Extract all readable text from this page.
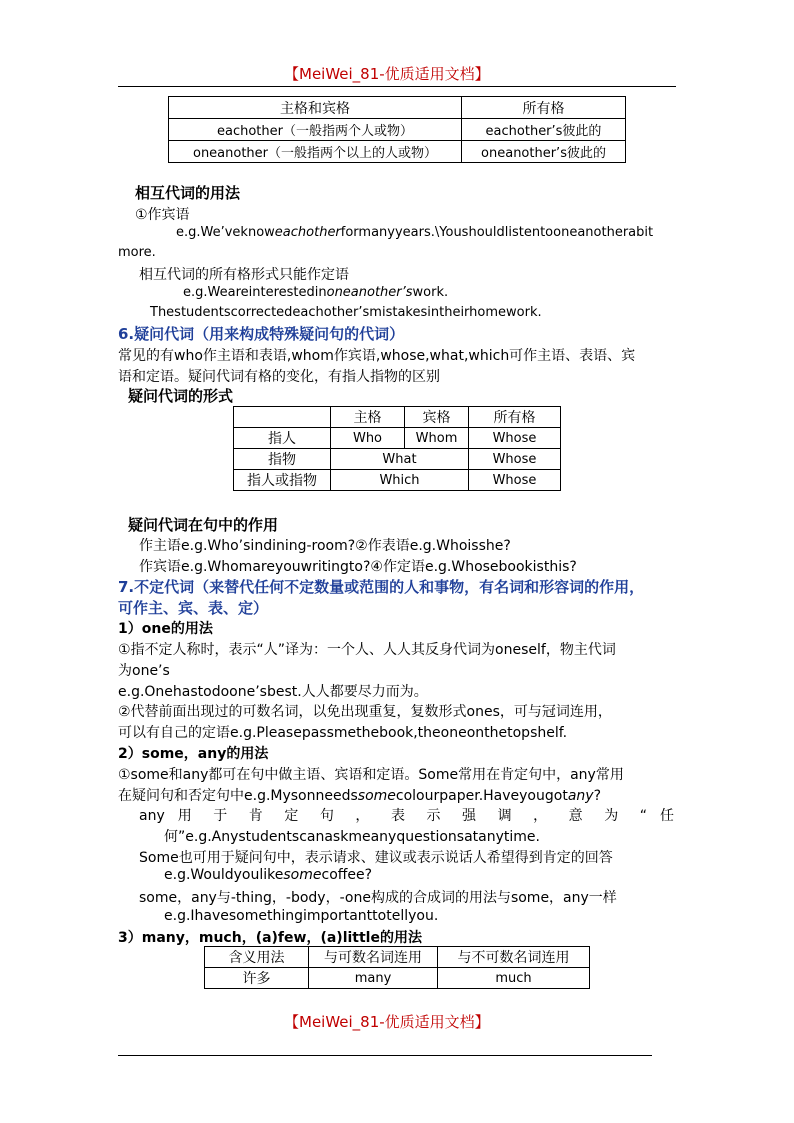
【MeiWei_81-优质适用文档】
主格和宾格	所有格
eachother（一般指两个人或物）	eachother’s彼此的
oneanother（一般指两个以上的人或物）	oneanother’s彼此的
相互代词的用法
①作宾语
e.g.We’veknoweachotherformanyyears.\Youshouldlistentooneanotherabit
more.
相互代词的所有格形式只能作定语
e.g.Weareinterestedinoneanother’swork.
Thestudentscorrectedeachother’smistakesintheirhomework.
6.疑问代词（用来构成特殊疑问句的代词）
常见的有who作主语和表语,whom作宾语,whose,what,which可作主语、表语、宾
语和定语。疑问代词有格的变化，有指人指物的区别
疑问代词的形式
	主格	宾格	所有格
指人	Who	Whom	Whose
指物	What		Whose
指人或指物	Which		Whose
疑问代词在句中的作用
作主语e.g.Who’sindining-room?②作表语e.g.Whoisshe?
作宾语e.g.Whomareyouwritingto?④作定语e.g.Whosebookisthis?
7.不定代词（来替代任何不定数量或范围的人和事物，有名词和形容词的作用，
可作主、宾、表、定）
1）one的用法
①指不定人称时，表示“人”译为：一个人、人人其反身代词为oneself，物主代词
为one’s
e.g.Onehastodoone’sbest.人人都要尽力而为。
②代替前面出现过的可数名词，以免出现重复，复数形式ones，可与冠词连用，
可以有自己的定语e.g.Pleasepassmethebook,theoneonthetopshelf.
2）some，any的用法
①some和any都可在句中做主语、宾语和定语。Some常用在肯定句中，any常用
在疑问句和否定句中e.g.Mysonneedssomecolourpaper.Haveyougotany?
any 用 于 肯 定 句 ， 表 示 强 调 ， 意 为 “ 任
何”e.g.Anystudentscanaskmeanyquestionsatanytime.
Some也可用于疑问句中，表示请求、建议或表示说话人希望得到肯定的回答
e.g.Wouldyoulikesomecoffee?
some，any与-thing，-body，-one构成的合成词的用法与some，any一样
e.g.Ihavesomethingimportanttotellyou.
3）many，much，(a)few，(a)little的用法
含义用法	与可数名词连用	与不可数名词连用
许多	many	much
【MeiWei_81-优质适用文档】
